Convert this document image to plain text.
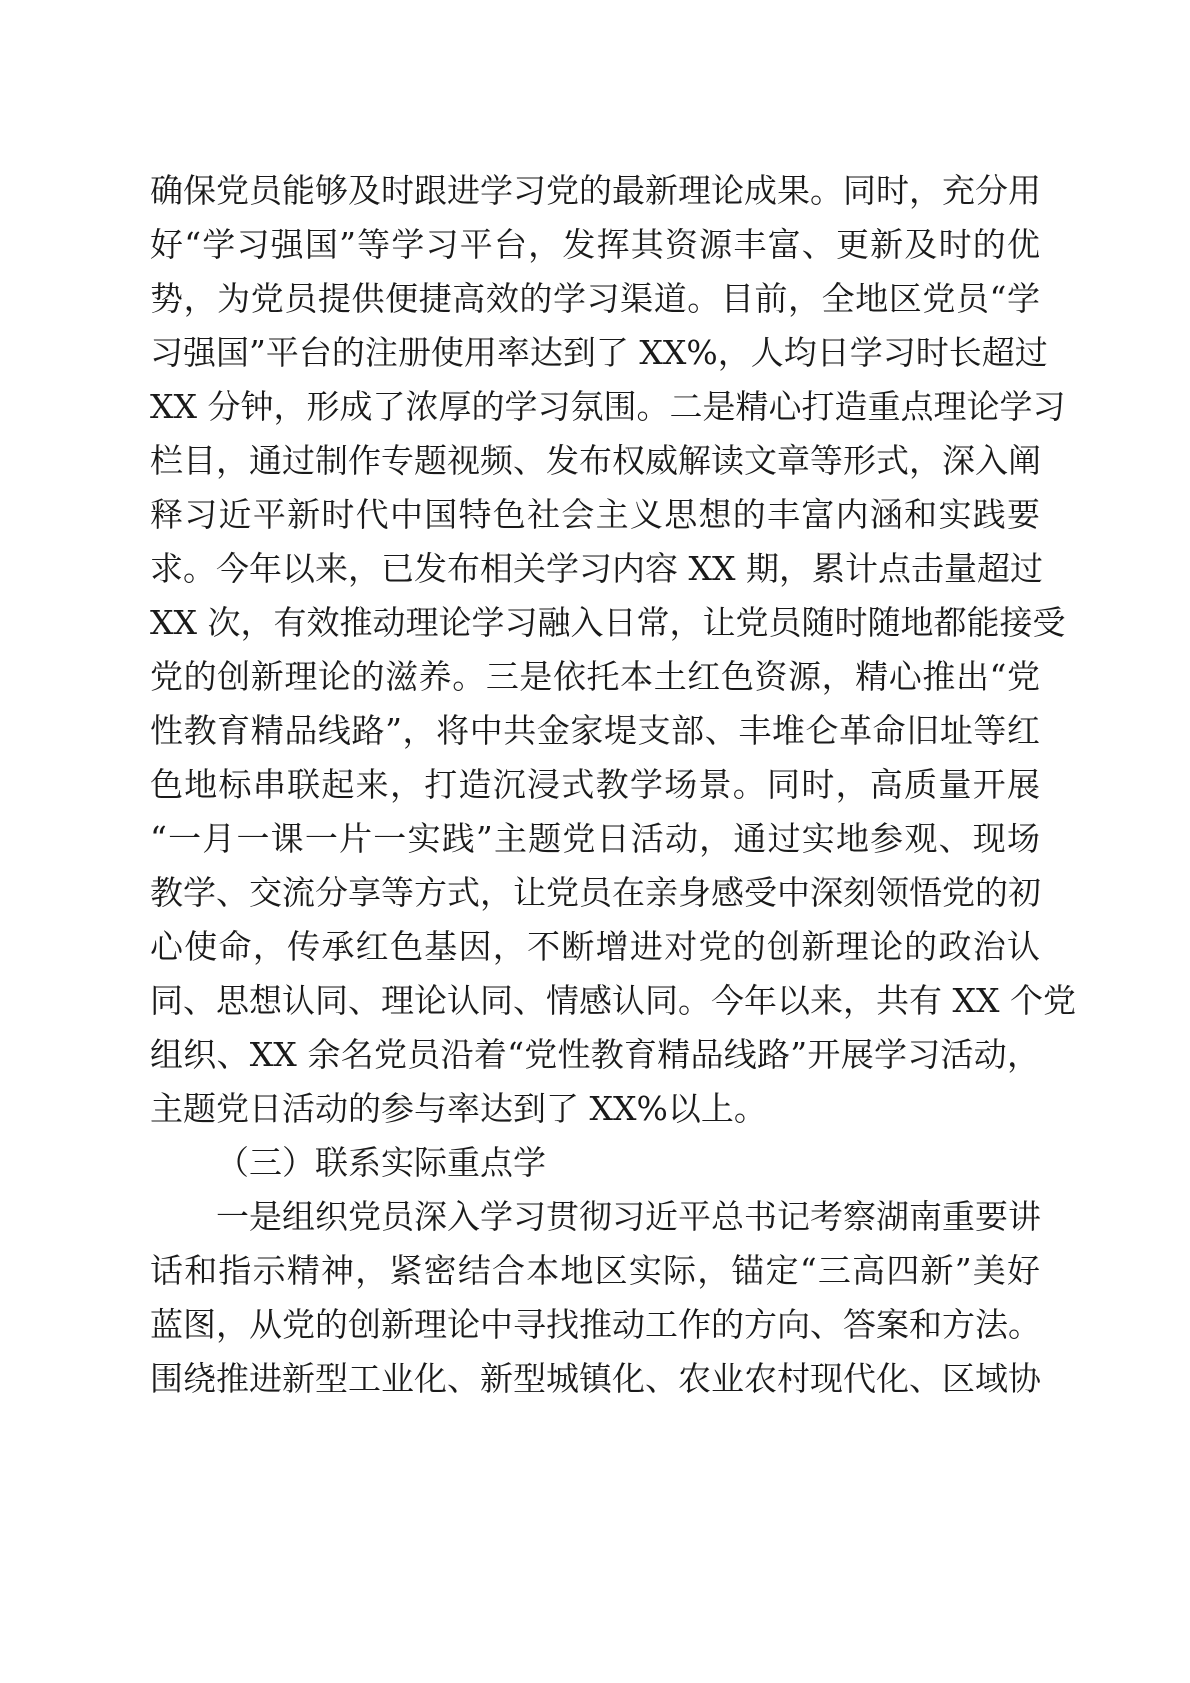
确保党员能够及时跟进学习党的最新理论成果。同时，充分用
好“学习强国”等学习平台，发挥其资源丰富、更新及时的优
势，为党员提供便捷高效的学习渠道。目前，全地区党员“学
习强国”平台的注册使用率达到了 XX%，人均日学习时长超过
XX 分钟，形成了浓厚的学习氛围。二是精心打造重点理论学习
栏目，通过制作专题视频、发布权威解读文章等形式，深入阐
释习近平新时代中国特色社会主义思想的丰富内涵和实践要
求。今年以来，已发布相关学习内容 XX 期，累计点击量超过
XX 次，有效推动理论学习融入日常，让党员随时随地都能接受
党的创新理论的滋养。三是依托本土红色资源，精心推出“党
性教育精品线路”，将中共金家堤支部、丰堆仑革命旧址等红
色地标串联起来，打造沉浸式教学场景。同时，高质量开展
“一月一课一片一实践”主题党日活动，通过实地参观、现场
教学、交流分享等方式，让党员在亲身感受中深刻领悟党的初
心使命，传承红色基因，不断增进对党的创新理论的政治认
同、思想认同、理论认同、情感认同。今年以来，共有 XX 个党
组织、XX 余名党员沿着“党性教育精品线路”开展学习活动，
主题党日活动的参与率达到了 XX%以上。
（三）联系实际重点学
一是组织党员深入学习贯彻习近平总书记考察湖南重要讲
话和指示精神，紧密结合本地区实际，锚定“三高四新”美好
蓝图，从党的创新理论中寻找推动工作的方向、答案和方法。
围绕推进新型工业化、新型城镇化、农业农村现代化、区域协
